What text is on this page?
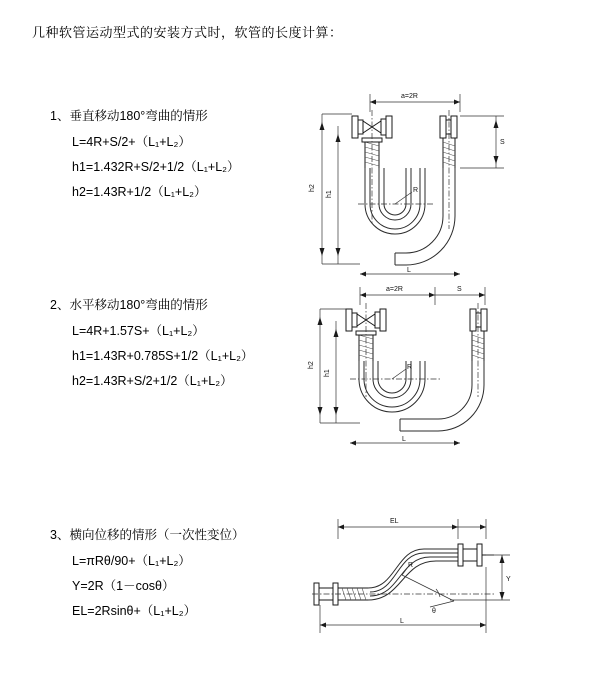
几种软管运动型式的安装方式时，软管的长度计算：
1、垂直移动180°弯曲的情形
L=4R+S/2+（L₁+L₂）
h1=1.432R+S/2+1/2（L₁+L₂）
h2=1.43R+1/2（L₁+L₂）
a=2R
h2
h1	R
S
L
2、水平移动180°弯曲的情形
L=4R+1.57S+（L₁+L₂）
h1=1.43R+0.785S+1/2（L₁+L₂）
h2=1.43R+S/2+1/2（L₁+L₂）
a=2R	S
h2
h1
R
L
3、横向位移的情形（一次性变位）
L=πRθ/90+（L₁+L₂）
Y=2R（1－cosθ）
EL=2Rsinθ+（L₁+L₂）
EL
Y
θ
R
L
